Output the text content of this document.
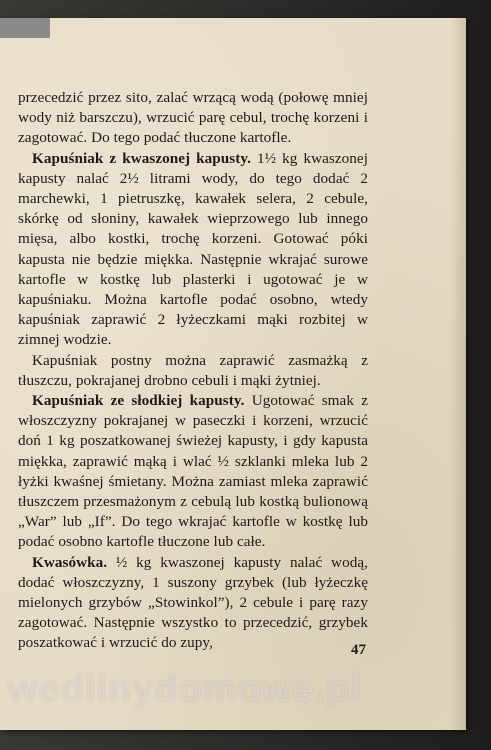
przecedzić przez sito, zalać wrzącą wodą (połowę mniej wody niż barszczu), wrzucić parę cebul, trochę korzeni i zagotować. Do tego podać tłuczone kartofle.

Kapuśniak z kwaszonej kapusty. 1½ kg kwaszonej kapusty nalać 2½ litrami wody, do tego dodać 2 marchewki, 1 pietruszkę, kawałek selera, 2 cebule, skórkę od słoniny, kawałek wieprzowego lub innego mięsa, albo kostki, trochę korzeni. Gotować póki kapusta nie będzie miękka. Następnie wkrajać surowe kartofle w kostkę lub plasterki i ugotować je w kapuśniaku. Można kartofle podać osobno, wtedy kapuśniak zaprawić 2 łyżeczkami mąki rozbitej w zimnej wodzie.

Kapuśniak postny można zaprawić zasmażką z tłuszczu, pokrajanej drobno cebuli i mąki żytniej.

Kapuśniak ze słodkiej kapusty. Ugotować smak z włoszczyzny pokrajanej w paseczki i korzeni, wrzucić doń 1 kg poszatkowanej świeżej kapusty, i gdy kapusta miękka, zaprawić mąką i wlać ½ szklanki mleka lub 2 łyżki kwaśnej śmietany. Można zamiast mleka zaprawić tłuszczem przesmażonym z cebulą lub kostką bulionową „War” lub „If”. Do tego wkrajać kartofle w kostkę lub podać osobno kartofle tłuczone lub całe.

Kwasówka. ½ kg kwaszonej kapusty nalać wodą, dodać włoszczyzny, 1 suszony grzybek (lub łyżeczkę mielonych grzybów „Stowinkol”), 2 cebule i parę razy zagotować. Następnie wszystko to przecedzić, grzybek poszatkować i wrzucić do zupy,	47
wedlinydomowe.pl
